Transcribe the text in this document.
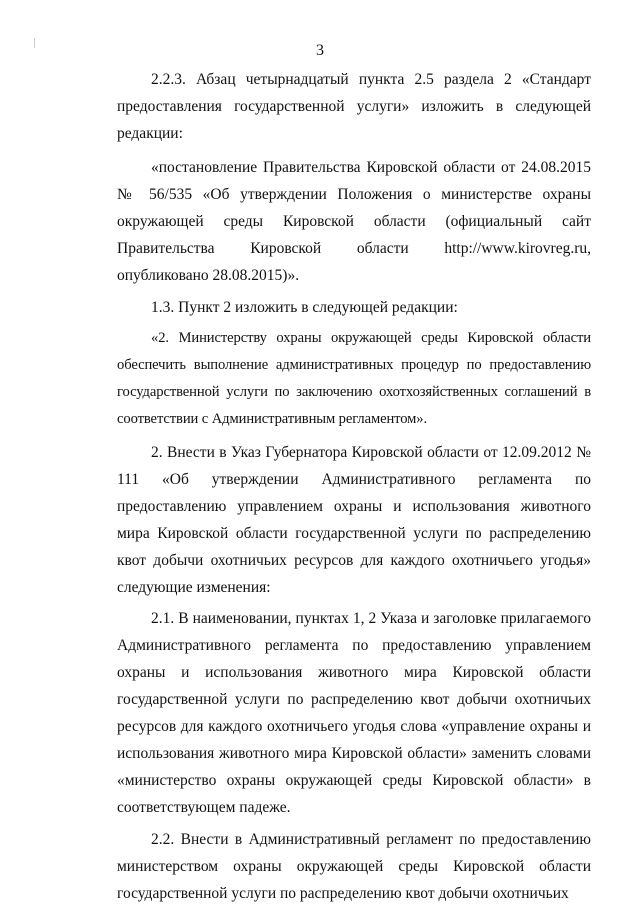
3

2.2.3. Абзац четырнадцатый пункта 2.5 раздела 2 «Стандарт предоставления государственной услуги» изложить в следующей редакции:

«постановление Правительства Кировской области от 24.08.2015 № 56/535 «Об утверждении Положения о министерстве охраны окружающей среды Кировской области (официальный сайт Правительства Кировской области http://www.kirovreg.ru, опубликовано 28.08.2015)».

1.3. Пункт 2 изложить в следующей редакции:

«2. Министерству охраны окружающей среды Кировской области обеспечить выполнение административных процедур по предоставлению государственной услуги по заключению охотхозяйственных соглашений в соответствии с Административным регламентом».

2. Внести в Указ Губернатора Кировской области от 12.09.2012 № 111 «Об утверждении Административного регламента по предоставлению управлением охраны и использования животного мира Кировской области государственной услуги по распределению квот добычи охотничьих ресурсов для каждого охотничьего угодья» следующие изменения:

2.1. В наименовании, пунктах 1, 2 Указа и заголовке прилагаемого Административного регламента по предоставлению управлением охраны и использования животного мира Кировской области государственной услуги по распределению квот добычи охотничьих ресурсов для каждого охотничьего угодья слова «управление охраны и использования животного мира Кировской области» заменить словами «министерство охраны окружающей среды Кировской области» в соответствующем падеже.

2.2. Внести в Административный регламент по предоставлению министерством охраны окружающей среды Кировской области государственной услуги по распределению квот добычи охотничьих
